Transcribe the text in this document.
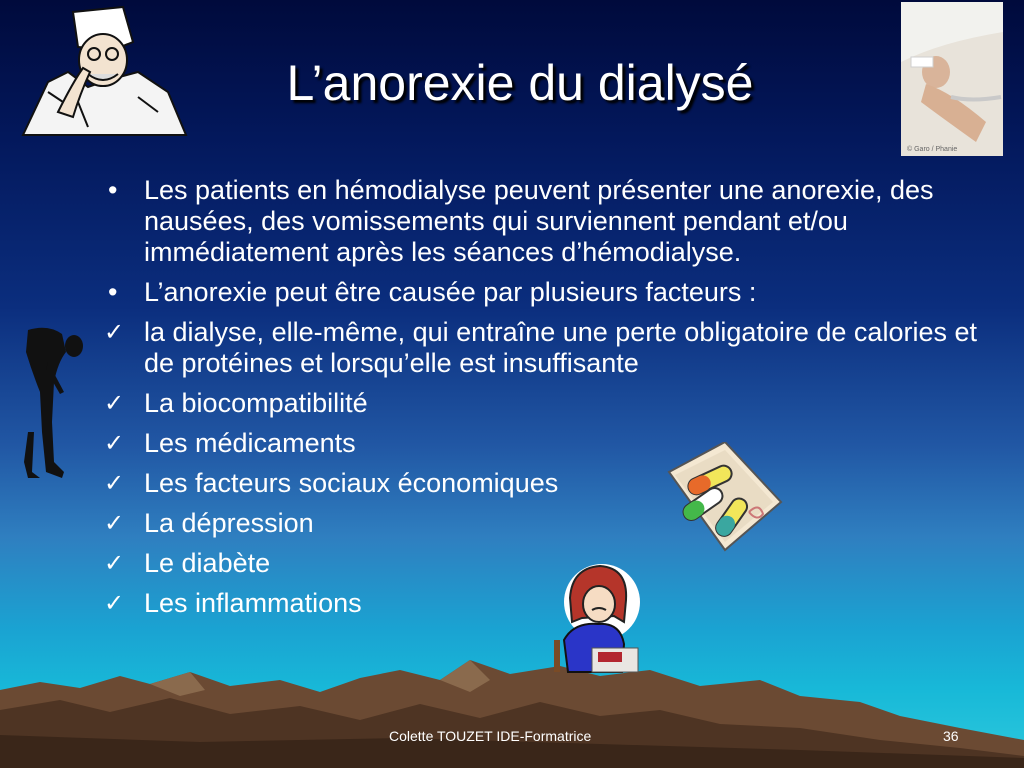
© Garo / Phanie
L’anorexie du dialysé
• Les patients en hémodialyse peuvent présenter une anorexie, des nausées, des vomissements qui surviennent pendant et/ou immédiatement après les séances d’hémodialyse.
• L’anorexie peut être causée par plusieurs facteurs :
✓ la dialyse, elle-même, qui entraîne une perte obligatoire de calories et de protéines et lorsqu’elle est insuffisante
✓ La biocompatibilité
✓ Les médicaments
✓ Les facteurs sociaux économiques
✓ La dépression
✓ Le diabète
✓ Les inflammations
Colette TOUZET IDE-Formatrice	36
